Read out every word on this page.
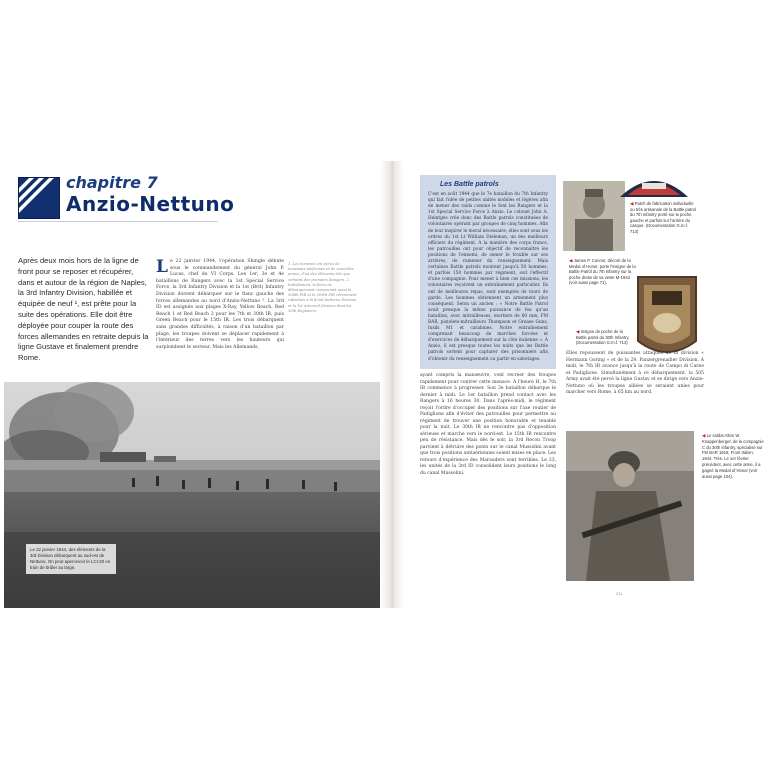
chapitre 7
Anzio-Nettuno
Après deux mois hors de la ligne de front pour se reposer et récupérer, dans et autour de la région de Naples, la 3rd Infantry Division, habillée et équipée de neuf ¹, est prête pour la suite des opérations. Elle doit être déployée pour couper la route des forces allemandes en retraite depuis la ligne Gustave et finalement prendre Rome.
L e 22 janvier 1944, l'opération Shingle débute sous le commandement du général John P. Lucas, chef du VI Corps. Les 1er, 3e et 4e bataillons de Rangers avec la 1st Special Service Force, la 3rd Infantry Division et la 1st (Brit) Infantry Division doivent débarquer sur le flanc gauche des forces allemandes au nord d'Anzio-Nettuno ². La 3rd ID est assignée aux plages X-Ray, Yellow Beach, Red Beach 1 et Red Beach 2 pour les 7th et 30th IR, puis Green Beach pour le 15th IR. Les trois débarquent sans grandes difficultés, à raison d'un bataillon par plage, les troupes doivent se déplacer rapidement à l'intérieur des terres vers les hauteurs qui surplombent le secteur. Mais les Allemands,
1. Les hommes ont perçu de nouveaux uniformes et de nouvelles armes, d'où des éléments tels que certains des premiers Rangers. 2. Initialement, la force de débarquement comprenait aussi le 504th PIR et le 509th PIR récemment rattachés à la 82nd Airborne Division et la 1st Armored Division dont les 36th Engineers.
Le 22 janvier 1944, des éléments de la 3rd Division débarquent au sud-est de Nettuno. On peut apercevoir le LCI-20 en train de brûler au large.
Les Battle patrols
C'est en août 1944 que le 7e bataillon du 7th Infantry qui fait l'idée de petites unités mobiles et légères afin de mener des raids comme le font les Rangers et la 1st Special Service Force à Anzio. Le colonel John A. Heintges crée donc des Battle patrols constituées de volontaires opérant par groupes de cinq hommes. Afin de leur inspirer le moral nécessaire, elles sont sous les ordres du 1st Lt William Dieleman, un des meilleurs officiers du régiment. À la manière des corps francs, les patrouilles ont pour objectif de reconnaître les positions de l'ennemi, de semer le trouble sur ses arrières, de ramener du renseignement. Mais certaines Battle patrols montent jusqu'à 50 hommes, et parfois 150 hommes par régiment, soit l'effectif d'une compagnie. Pour mener à bien ces missions, les volontaires reçoivent un entraînement particulier. Ils ont de meilleures repas, sont exemptés de tours de garde. Les hommes obtiennent un armement plus conséquent. Selon un ancien : « Notre Battle Patrol avait presque la même puissance de feu qu'un bataillon, avec mitrailleuses, mortiers de 60 mm, FM BAR, pistolets-mitrailleurs Thompson et Grease Guns, fusils M1 et carabines. Notre entraînement comprenait beaucoup de marches forcées et d'exercices de débarquement sur la côte italienne ». À Anzio, il est presque toutes les nuits que les Battle patrols sortent pour capturer des prisonniers afin d'obtenir du renseignement ou partir en sabotages.
◀ Patch de fabrication individuelle ou très artisanale de la Battle patrol du 7th Infantry porté sur la poche gauche et parfois sur l'arrière du casque. (Documentation G.m.f. 713)
◀ James P. Connor, décoré de la Medal of Honor, porte l'insigne de la Battle Patrol du 7th Infantry sur la poche droite de sa veste M-1943 (voir aussi page 71).
◀ Insigne de poche de la Battle patrol du 30th Infantry. (Documentation G.m.f. 713)
ayant compris la manœuvre, vont recréer des troupes rapidement pour contrer cette menace. À l'heure H, le 7th IR commence à progresser. Son 3e bataillon débarque le dernier à midi. Le 1er bataillon prend contact avec les Rangers à 16 heures 30. Dans l'après-midi, le régiment reçoit l'ordre d'occuper des positions sur l'axe routier de Padiglione afin d'éviter des patrouilles pour permettre au régiment de trouver une position honorable et tenable pour la nuit. Le 30th IR ne rencontre pas d'opposition sérieuse et marche vers le nord-est. Le 15th IR rencontre peu de résistance. Mais dès le soir, la 3rd Recon Troop parvient à détruire des ponts sur le canal Mussolini avant que trois positions antiaériennes soient mises en place. Les retours d'expérience des Marauders sont terribles. Le 23, les unités de la 3rd ID consolident leurs positions le long du canal Mussolini.
Elles repoussent de puissantes attaques de la division « Hermann Goring » et de la 29. Panzergrenadier Division. À midi, le 7th IR avance jusqu'à la route de Campo di Carne et Padiglione. Simultanément à ce débarquement, la 505 Army avait été percé la ligne Gustav et se dirige vers Anzio-Nettuno où les troupes alliées se seraient unies pour marcher vers Rome, à 65 km au nord.
◀ Le soldat Alton W. Knappenberger, de la compagnie C du 30th Infantry, spécialisé sur FM BAR 1918, Front Italien, 1944. Très. Le 1er février précédent, avec cette arme, il a gagné la Medal of Honor (voir aussi page 104).
211
